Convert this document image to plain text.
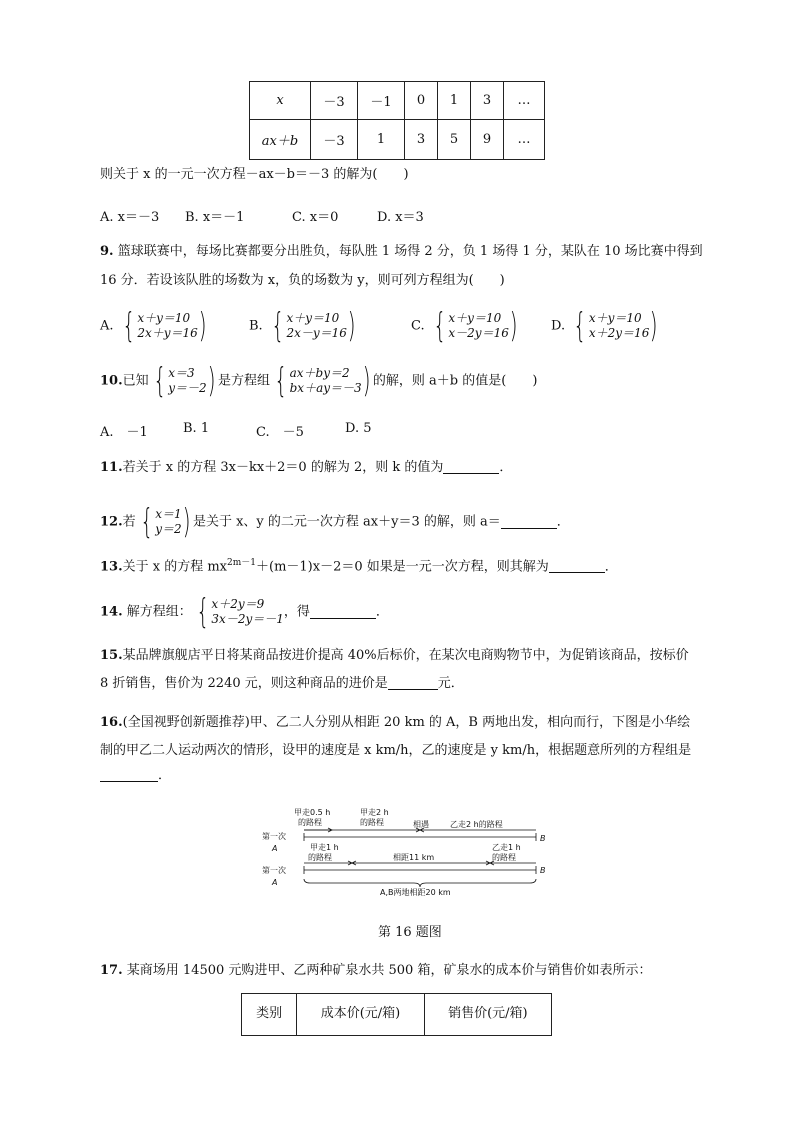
x	－3	－1	0	1	3	…
ax＋b	－3	1	3	5	9	…
则关于 x 的一元一次方程－ax－b＝－3 的解为(　　)
A. x＝－3 B. x＝－1	C. x＝0	D. x＝3
9. 篮球联赛中，每场比赛都要分出胜负，每队胜 1 场得 2 分，负 1 场得 1 分，某队在 10 场比赛中得到
16 分．若设该队胜的场数为 x，负的场数为 y，则可列方程组为(　　)
A. { x＋y＝10
2x＋y＝16 )	B. { x＋y＝10
2x－y＝16 )	C. { x＋y＝10
x－2y＝16 )	D. { x＋y＝10
x＋2y＝16 )
10.已知 { x＝3
y＝－2 ) 是方程组 { ax＋by＝2
bx＋ay＝－3 ) 的解，则 a＋b 的值是(　　)
A.　－1	B. 1	C.　－5	D. 5
11.若关于 x 的方程 3x－kx＋2＝0 的解为 2，则 k 的值为	．
12.若 { x＝1
y＝2 ) 是关于 x、y 的二元一次方程 ax＋y＝3 的解，则 a＝	．
13.关于 x 的方程 $mx^{2m-1}+(m-1)x-2=0$ 如果是一元一次方程，则其解为	．
14. 解方程组： { x＋2y＝9
3x－2y＝－1 ，得	．
15.某品牌旗舰店平日将某商品按进价提高 40%后标价，在某次电商购物节中，为促销该商品，按标价
8 折销售，售价为 2240 元，则这种商品的进价是	元．
16.(全国视野创新题推荐)甲、乙二人分别从相距 20 km 的 A，B 两地出发，相向而行，下图是小华绘
制的甲乙二人运动两次的情形，设甲的速度是 x km/h，乙的速度是 y km/h，根据题意所列的方程组是
．
甲走0.5 h
的路程
甲走2 h
的路程	相遇	乙走2 h的路程
第一次
A
B
甲走1 h
的路程	相距11 km
乙走1 h
的路程
第一次
A
B
A,B两地相距20 km
第 16 题图
17. 某商场用 14500 元购进甲、乙两种矿泉水共 500 箱，矿泉水的成本价与销售价如表所示：
类别	成本价(元/箱)	销售价(元/箱)
